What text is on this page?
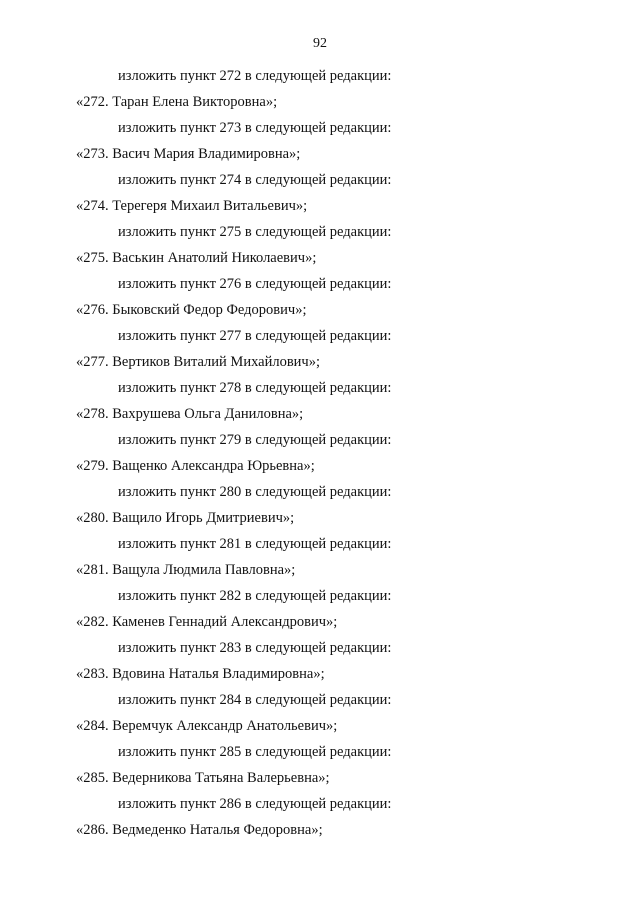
92
изложить пункт 272 в следующей редакции:
«272. Таран Елена Викторовна»;
изложить пункт 273 в следующей редакции:
«273. Васич Мария Владимировна»;
изложить пункт 274 в следующей редакции:
«274. Терегеря Михаил Витальевич»;
изложить пункт 275 в следующей редакции:
«275. Васькин Анатолий Николаевич»;
изложить пункт 276 в следующей редакции:
«276. Быковский Федор Федорович»;
изложить пункт 277 в следующей редакции:
«277. Вертиков Виталий Михайлович»;
изложить пункт 278 в следующей редакции:
«278. Вахрушева Ольга Даниловна»;
изложить пункт 279 в следующей редакции:
«279. Ващенко Александра Юрьевна»;
изложить пункт 280 в следующей редакции:
«280. Ващило Игорь Дмитриевич»;
изложить пункт 281 в следующей редакции:
«281. Ващула Людмила Павловна»;
изложить пункт 282 в следующей редакции:
«282. Каменев Геннадий Александрович»;
изложить пункт 283 в следующей редакции:
«283. Вдовина Наталья Владимировна»;
изложить пункт 284 в следующей редакции:
«284. Веремчук Александр Анатольевич»;
изложить пункт 285 в следующей редакции:
«285. Ведерникова Татьяна Валерьевна»;
изложить пункт 286 в следующей редакции:
«286. Ведмеденко Наталья Федоровна»;
